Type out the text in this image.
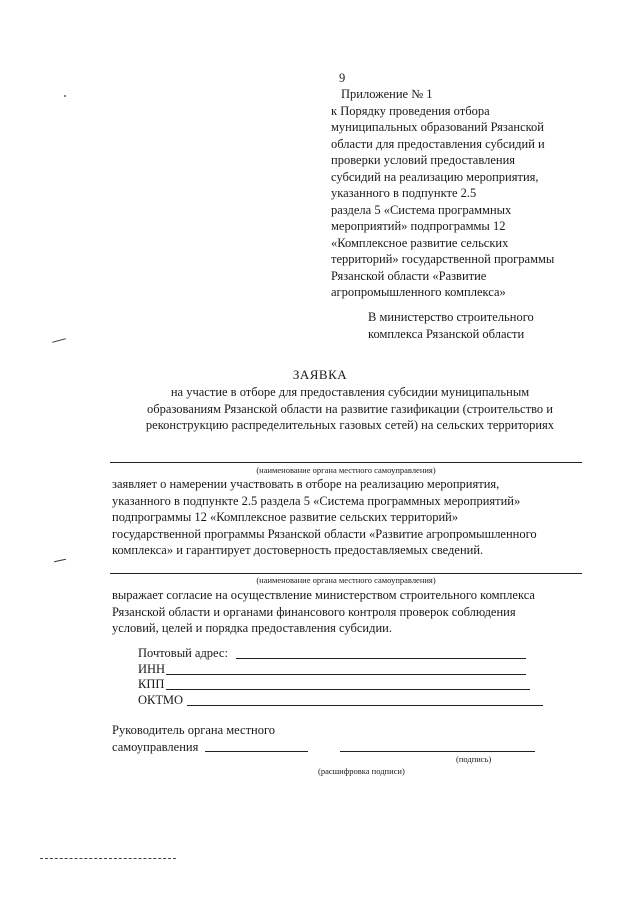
9
Приложение № 1
к Порядку проведения отбора
муниципальных образований Рязанской
области для предоставления субсидий и
проверки условий предоставления
субсидий на реализацию мероприятия,
указанного в подпункте 2.5
раздела 5 «Система программных
мероприятий» подпрограммы 12
«Комплексное развитие сельских
территорий» государственной программы
Рязанской области «Развитие
агропромышленного комплекса»
В министерство строительного
комплекса Рязанской области
ЗАЯВКА
на участие в отборе для предоставления субсидии муниципальным
образованиям Рязанской области на развитие газификации (строительство и
реконструкцию распределительных газовых сетей) на сельских территориях
(наименование органа местного самоуправления)
заявляет о намерении участвовать в отборе на реализацию мероприятия,
указанного в подпункте 2.5 раздела 5 «Система программных мероприятий»
подпрограммы 12 «Комплексное развитие сельских территорий»
государственной программы Рязанской области «Развитие агропромышленного
комплекса» и гарантирует достоверность предоставляемых сведений.
(наименование органа местного самоуправления)
выражает согласие на осуществление министерством строительного комплекса
Рязанской области и органами финансового контроля проверок соблюдения
условий, целей и порядка предоставления субсидии.
Почтовый адрес:
ИНН
КПП
ОКТМО
Руководитель органа местного
самоуправления
(подпись)
(расшифровка подписи)
